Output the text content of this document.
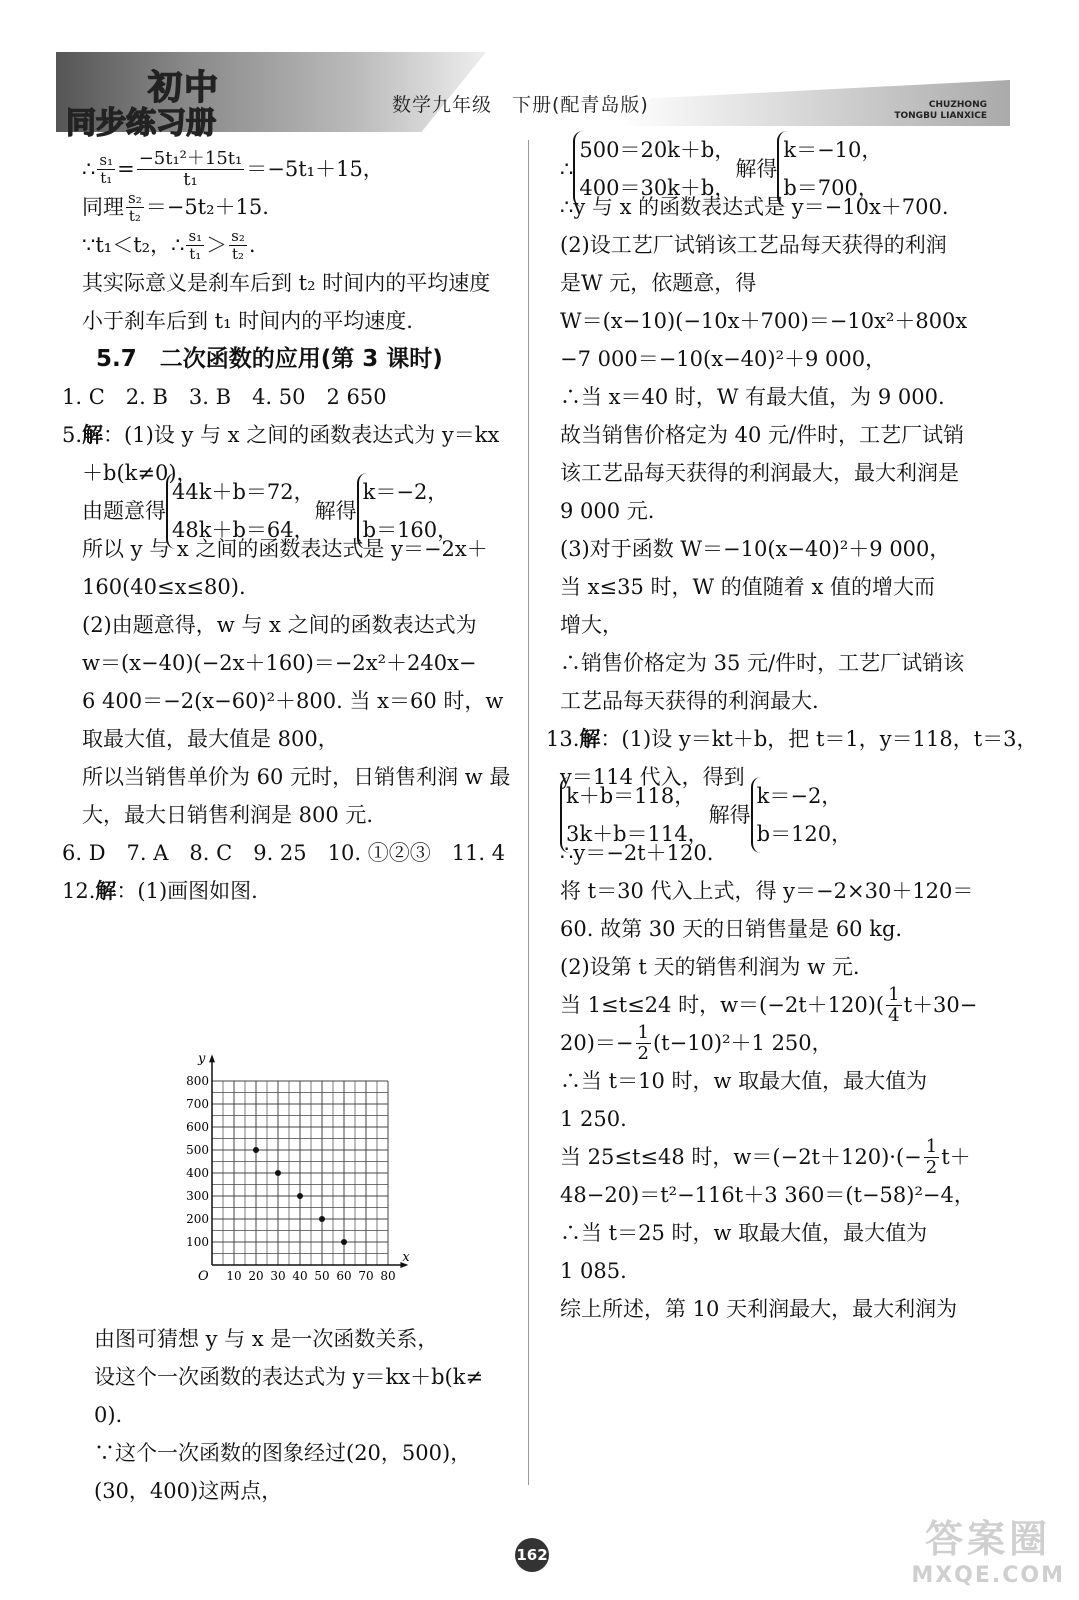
初中
同步练习册
数学九年级　下册(配青岛版)	CHUZHONG
TONGBU LIANXICE
∴ $\frac{\text{s₁}}{\text{t₁}} = \frac{\text{−5t₁²＋15t₁}}{\text{t₁}} =-5t_1+15$，
同理 $\frac{\text{s₂}}{\text{t₂}} =-5t_2+15$.
∵t₁＜t₂，∴ $\frac{\text{s₁}}{\text{t₁}} > \frac{\text{s₂}}{\text{t₂}}$ .
其实际意义是刹车后到 t₂ 时间内的平均速度
小于刹车后到 t₁ 时间内的平均速度.
5.7　二次函数的应用(第 3 课时)
1. C　2. B　3. B　4. 50　2 650
5.解：(1)设 y 与 x 之间的函数表达式为 y＝kx
＋b(k≠0)，
由题意得
44k＋b＝72，
48k＋b＝64，
解得
k＝−2，
b＝160，
所以 y 与 x 之间的函数表达式是 y＝−2x＋
160(40≤x≤80).
(2)由题意得，w 与 x 之间的函数表达式为
w＝(x−40)(−2x＋160)＝−2x²＋240x−
6 400＝−2(x−60)²＋800. 当 x＝60 时，w
取最大值，最大值是 800，
所以当销售单价为 60 元时，日销售利润 w 最
大，最大日销售利润是 800 元.
6. D　7. A　8. C　9. 25　10. ①②③　11. 4
12.解：(1)画图如图.
x
y
O 10 20 30 40 50 60 70 80
100
200
300
400
500
600
700
800
由图可猜想 y 与 x 是一次函数关系，
设这个一次函数的表达式为 y＝kx＋b(k≠
0).
∵这个一次函数的图象经过(20，500)，
(30，400)这两点，
∴
500＝20k＋b，
400＝30k＋b，
解得
k＝−10，
b＝700，
∴y 与 x 的函数表达式是 y＝−10x＋700.
(2)设工艺厂试销该工艺品每天获得的利润
是W 元，依题意，得
W＝(x−10)(−10x＋700)＝−10x²＋800x
−7 000＝−10(x−40)²＋9 000，
∴当 x＝40 时，W 有最大值，为 9 000.
故当销售价格定为 40 元/件时，工艺厂试销
该工艺品每天获得的利润最大，最大利润是
9 000 元.
(3)对于函数 W＝−10(x−40)²＋9 000，
当 x≤35 时，W 的值随着 x 值的增大而
增大，
∴销售价格定为 35 元/件时，工艺厂试销该
工艺品每天获得的利润最大.
13.解：(1)设 y＝kt＋b，把 t＝1，y＝118，t＝3，
y＝114 代入，得到
k＋b＝118，
3k＋b＝114，
解得
k＝−2，
b＝120，
∴y＝−2t＋120.
将 t＝30 代入上式，得 y＝−2×30＋120＝
60. 故第 30 天的日销售量是 60 kg.
(2)设第 t 天的销售利润为 w 元.
当 1≤t≤24 时，$w=(-2t+120)( \frac{1}{4} t+30-$
$20)=- \frac{1}{2} (t-10)^2+1$ 250，
∴当 t＝10 时，w 取最大值，最大值为
1 250.
当 25≤t≤48 时，$w=(-2t+120)\cdot(- \frac{1}{2} t+$
48−20)＝t²−116t＋3 360＝(t−58)²−4，
∴当 t＝25 时，w 取最大值，最大值为
1 085.
综上所述，第 10 天利润最大，最大利润为
162	答案圈
MXQE.COM
